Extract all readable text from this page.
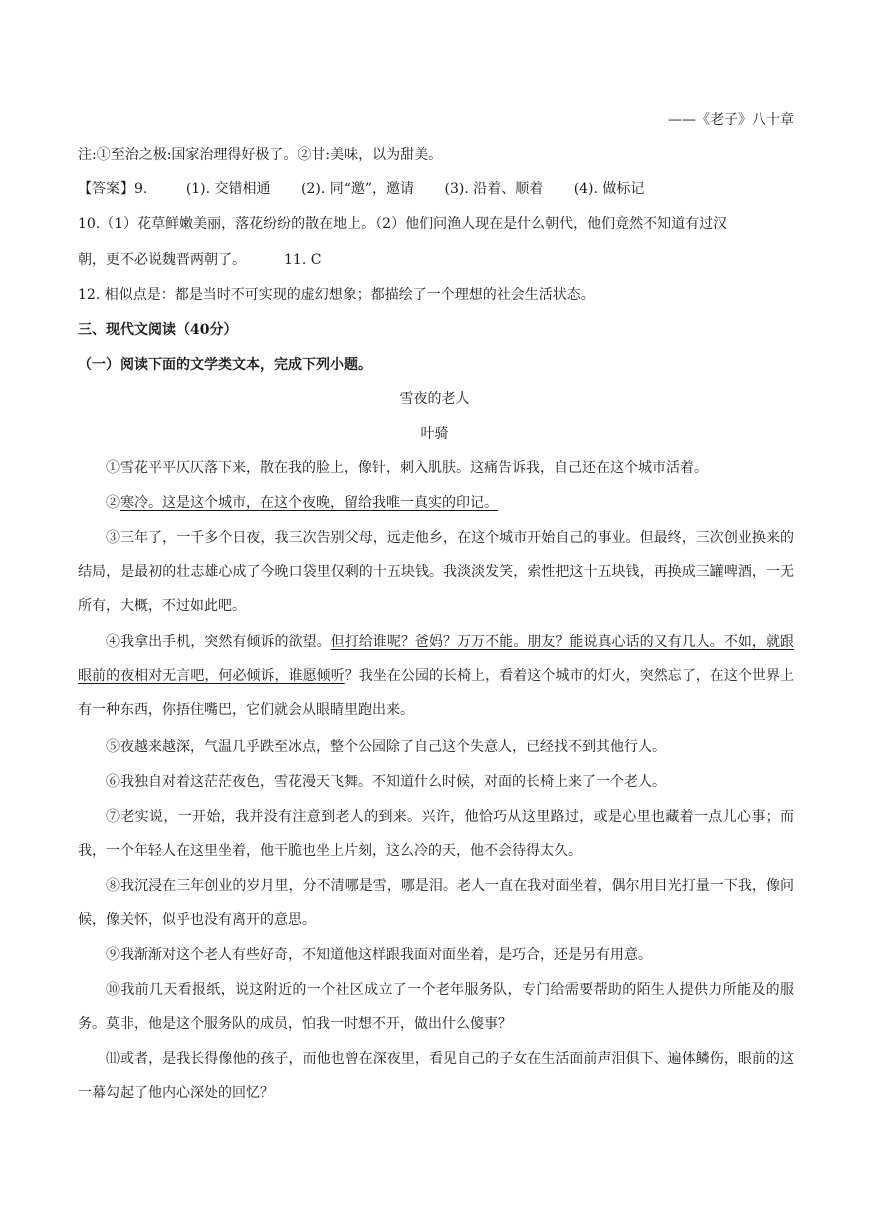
——《老子》八十章
注:①至治之极:国家治理得好极了。②甘:美味，以为甜美。
【答案】9.	(1). 交错相通 (2). 同“邀”，邀请 (3). 沿着、顺着 (4). 做标记
10.（1）花草鲜嫩美丽，落花纷纷的散在地上。（2）他们问渔人现在是什么朝代，他们竟然不知道有过汉
朝，更不必说魏晋两朝了。	11. C
12. 相似点是：都是当时不可实现的虚幻想象；都描绘了一个理想的社会生活状态。
三、现代文阅读（40分）
（一）阅读下面的文学类文本，完成下列小题。
雪夜的老人
叶骑
①雪花平平仄仄落下来，散在我的脸上，像针，刺入肌肤。这痛告诉我，自己还在这个城市活着。
②寒冷。这是这个城市，在这个夜晚，留给我唯一真实的印记。
③三年了，一千多个日夜，我三次告别父母，远走他乡，在这个城市开始自己的事业。但最终，三次创业换来的结局，是最初的壮志雄心成了今晚口袋里仅剩的十五块钱。我淡淡发笑，索性把这十五块钱，再换成三罐啤酒，一无所有，大概，不过如此吧。
④我拿出手机，突然有倾诉的欲望。但打给谁呢？爸妈？万万不能。朋友？能说真心话的又有几人。不如，就跟眼前的夜相对无言吧，何必倾诉，谁愿倾听？我坐在公园的长椅上，看着这个城市的灯火，突然忘了，在这个世界上有一种东西，你捂住嘴巴，它们就会从眼睛里跑出来。
⑤夜越来越深，气温几乎跌至冰点，整个公园除了自己这个失意人，已经找不到其他行人。
⑥我独自对着这茫茫夜色，雪花漫天飞舞。不知道什么时候，对面的长椅上来了一个老人。
⑦老实说，一开始，我并没有注意到老人的到来。兴许，他恰巧从这里路过，或是心里也藏着一点儿心事；而我，一个年轻人在这里坐着，他干脆也坐上片刻，这么冷的天，他不会待得太久。
⑧我沉浸在三年创业的岁月里，分不清哪是雪，哪是泪。老人一直在我对面坐着，偶尔用目光打量一下我，像问候，像关怀，似乎也没有离开的意思。
⑨我渐渐对这个老人有些好奇，不知道他这样跟我面对面坐着，是巧合，还是另有用意。
⑩我前几天看报纸，说这附近的一个社区成立了一个老年服务队，专门给需要帮助的陌生人提供力所能及的服务。莫非，他是这个服务队的成员，怕我一时想不开，做出什么傻事？
⑾或者，是我长得像他的孩子，而他也曾在深夜里，看见自己的子女在生活面前声泪俱下、遍体鳞伤，眼前的这一幕勾起了他内心深处的回忆？
